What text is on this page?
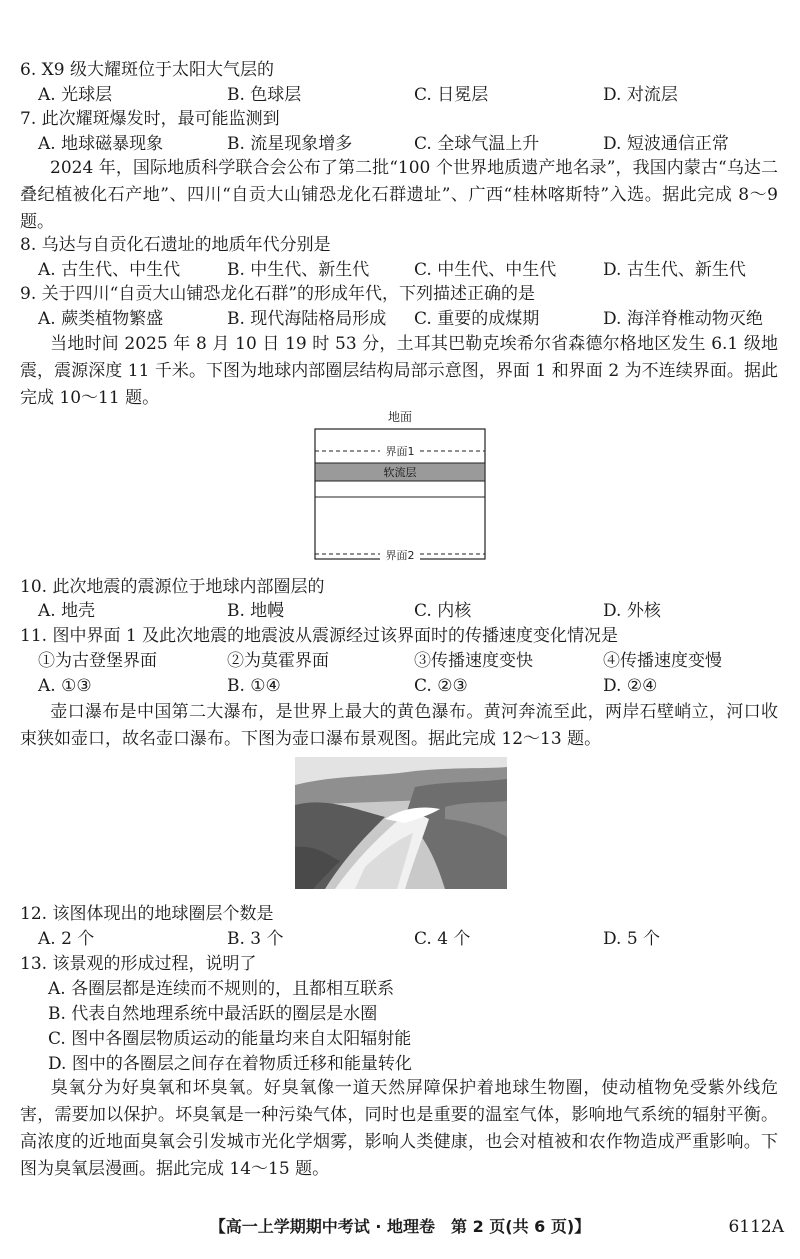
6. X9 级大耀斑位于太阳大气层的
A. 光球层	B. 色球层	C. 日冕层	D. 对流层
7. 此次耀斑爆发时，最可能监测到
A. 地球磁暴现象	B. 流星现象增多	C. 全球气温上升	D. 短波通信正常
2024 年，国际地质科学联合会公布了第二批“100 个世界地质遗产地名录”，我国内蒙古“乌达二叠纪植被化石产地”、四川“自贡大山铺恐龙化石群遗址”、广西“桂林喀斯特”入选。据此完成 8～9 题。
8. 乌达与自贡化石遗址的地质年代分别是
A. 古生代、中生代	B. 中生代、新生代	C. 中生代、中生代	D. 古生代、新生代
9. 关于四川“自贡大山铺恐龙化石群”的形成年代，下列描述正确的是
A. 蕨类植物繁盛	B. 现代海陆格局形成 C. 重要的成煤期	D. 海洋脊椎动物灭绝
当地时间 2025 年 8 月 10 日 19 时 53 分，土耳其巴勒克埃希尔省森德尔格地区发生 6.1 级地震，震源深度 11 千米。下图为地球内部圈层结构局部示意图，界面 1 和界面 2 为不连续界面。据此完成 10～11 题。
地面
界面1
软流层
界面2
10. 此次地震的震源位于地球内部圈层的
A. 地壳	B. 地幔	C. 内核	D. 外核
11. 图中界面 1 及此次地震的地震波从震源经过该界面时的传播速度变化情况是
①为古登堡界面	②为莫霍界面	③传播速度变快	④传播速度变慢
A. ①③	B. ①④	C. ②③	D. ②④
壶口瀑布是中国第二大瀑布，是世界上最大的黄色瀑布。黄河奔流至此，两岸石壁峭立，河口收束狭如壶口，故名壶口瀑布。下图为壶口瀑布景观图。据此完成 12～13 题。
12. 该图体现出的地球圈层个数是
A. 2 个	B. 3 个	C. 4 个	D. 5 个
13. 该景观的形成过程，说明了
A. 各圈层都是连续而不规则的，且都相互联系
B. 代表自然地理系统中最活跃的圈层是水圈
C. 图中各圈层物质运动的能量均来自太阳辐射能
D. 图中的各圈层之间存在着物质迁移和能量转化
臭氧分为好臭氧和坏臭氧。好臭氧像一道天然屏障保护着地球生物圈，使动植物免受紫外线危害，需要加以保护。坏臭氧是一种污染气体，同时也是重要的温室气体，影响地气系统的辐射平衡。高浓度的近地面臭氧会引发城市光化学烟雾，影响人类健康，也会对植被和农作物造成严重影响。下图为臭氧层漫画。据此完成 14～15 题。
【高一上学期期中考试 · 地理卷　第 2 页(共 6 页)】	6112A
